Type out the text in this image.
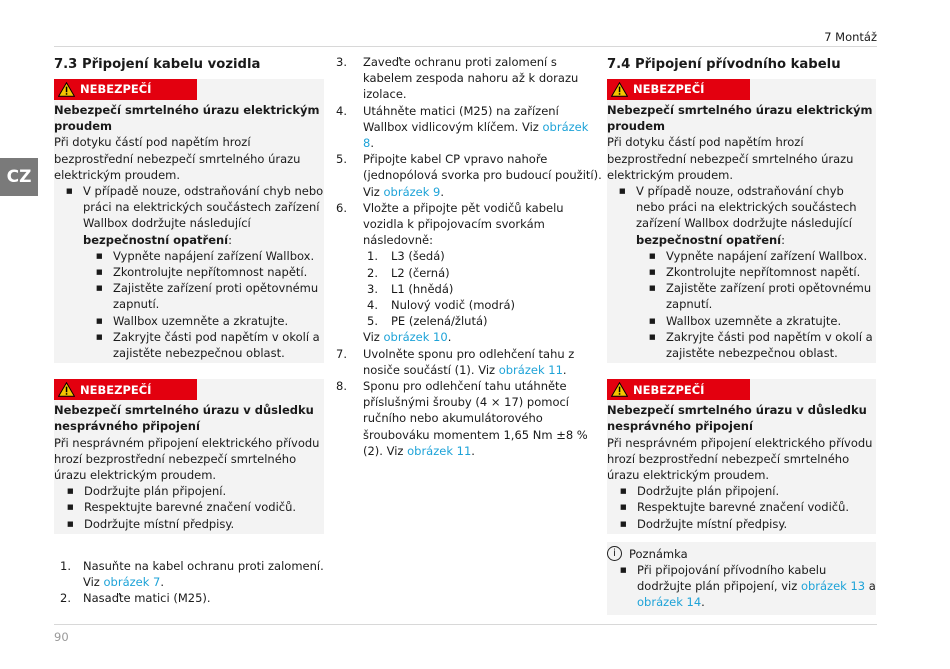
7 Montáž
CZ
7.3 Připojení kabelu vozidla
NEBEZPEČÍ
Nebezpečí smrtelného úrazu elektrickým proudem
Při dotyku částí pod napětím hrozí bezprostřední nebezpečí smrtelného úrazu elektrickým proudem.
■ V případě nouze, odstraňování chyb nebo práci na elektrických součástech zařízení Wallbox dodržujte následující bezpečnostní opatření:
■ Vypněte napájení zařízení Wallbox.
■ Zkontrolujte nepřítomnost napětí.
■ Zajistěte zařízení proti opětovnému zapnutí.
■ Wallbox uzemněte a zkratujte.
■ Zakryjte části pod napětím v okolí a zajistěte nebezpečnou oblast.
NEBEZPEČÍ
Nebezpečí smrtelného úrazu v důsledku nesprávného připojení
Při nesprávném připojení elektrického přívodu hrozí bezprostřední nebezpečí smrtelného úrazu elektrickým proudem.
■ Dodržujte plán připojení.
■ Respektujte barevné značení vodičů.
■ Dodržujte místní předpisy.
1. Nasuňte na kabel ochranu proti zalomení. Viz obrázek 7.
2. Nasaďte matici (M25).
3. Zaveďte ochranu proti zalomení s kabelem zespoda nahoru až k dorazu izolace.
4. Utáhněte matici (M25) na zařízení Wallbox vidlicovým klíčem. Viz obrázek 8.
5. Připojte kabel CP vpravo nahoře (jednopólová svorka pro budoucí použití). Viz obrázek 9.
6. Vložte a připojte pět vodičů kabelu vozidla k připojovacím svorkám následovně:
1. L3 (šedá)
2. L2 (černá)
3. L1 (hnědá)
4. Nulový vodič (modrá)
5. PE (zelená/žlutá)
Viz obrázek 10.
7. Uvolněte sponu pro odlehčení tahu z nosiče součástí (1). Viz obrázek 11.
8. Sponu pro odlehčení tahu utáhněte příslušnými šrouby (4 × 17) pomocí ručního nebo akumulátorového šroubováku momentem 1,65 Nm ±8 % (2). Viz obrázek 11.
7.4 Připojení přívodního kabelu
NEBEZPEČÍ
Nebezpečí smrtelného úrazu elektrickým proudem
Při dotyku částí pod napětím hrozí bezprostřední nebezpečí smrtelného úrazu elektrickým proudem.
■ V případě nouze, odstraňování chyb nebo práci na elektrických součástech zařízení Wallbox dodržujte následující bezpečnostní opatření:
■ Vypněte napájení zařízení Wallbox.
■ Zkontrolujte nepřítomnost napětí.
■ Zajistěte zařízení proti opětovnému zapnutí.
■ Wallbox uzemněte a zkratujte.
■ Zakryjte části pod napětím v okolí a zajistěte nebezpečnou oblast.
NEBEZPEČÍ
Nebezpečí smrtelného úrazu v důsledku nesprávného připojení
Při nesprávném připojení elektrického přívodu hrozí bezprostřední nebezpečí smrtelného úrazu elektrickým proudem.
■ Dodržujte plán připojení.
■ Respektujte barevné značení vodičů.
■ Dodržujte místní předpisy.
i	Poznámka
■ Při připojování přívodního kabelu dodržujte plán připojení, viz obrázek 13 a obrázek 14.
90
